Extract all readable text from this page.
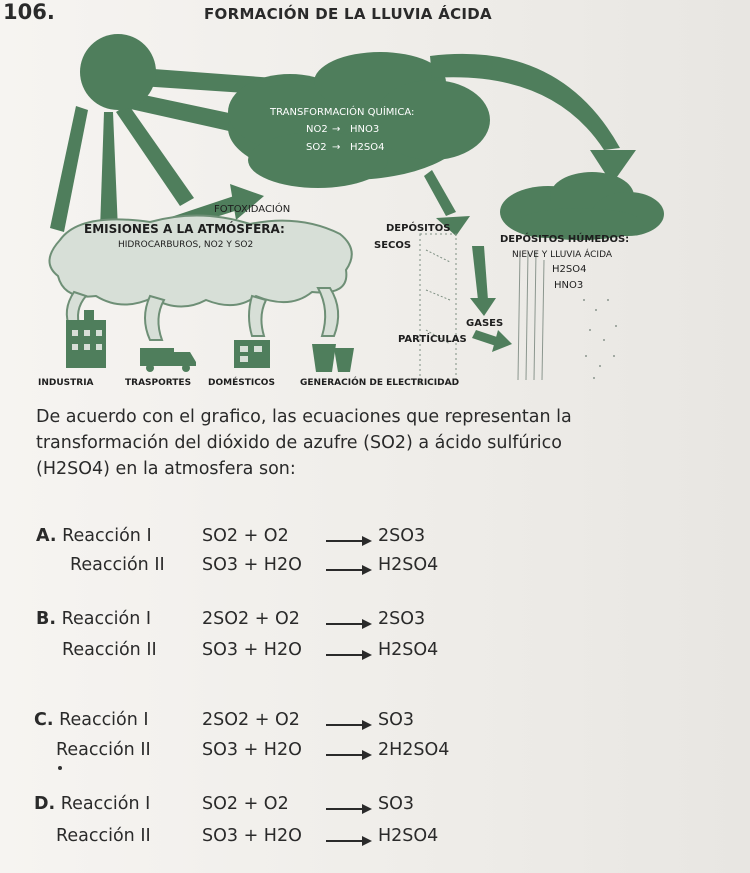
106.	FORMACIÓN DE LA LLUVIA ÁCIDA
TRANSFORMACIÓN QUÍMICA:
NO2 → HNO3
SO2 → H2SO4
FOTOXIDACIÓN
EMISIONES A LA ATMÓSFERA:
HIDROCARBUROS, NO2 Y SO2
DEPÓSITOS
SECOS
DEPÓSITOS HÚMEDOS:
NIEVE Y LLUVIA ÁCIDA
H2SO4
HNO3
GASES
PARTÍCULAS
INDUSTRIA	TRASPORTES DOMÉSTICOS	GENERACIÓN DE ELECTRICIDAD
De acuerdo con el grafico, las ecuaciones que representan la
transformación del dióxido de azufre (SO2) a ácido sulfúrico
(H2SO4) en la atmosfera son:
A. Reacción I	SO2 + O2 → 2SO3
Reacción II SO3 + H2O → H2SO4
B. Reacción I	2SO2 + O2 → 2SO3
Reacción II	SO3 + H2O → H2SO4
C. Reacción I	2SO2 + O2 → SO3
Reacción II	SO3 + H2O → 2H2SO4
D. Reacción I	SO2 + O2 → SO3
Reacción II	SO3 + H2O → H2SO4
